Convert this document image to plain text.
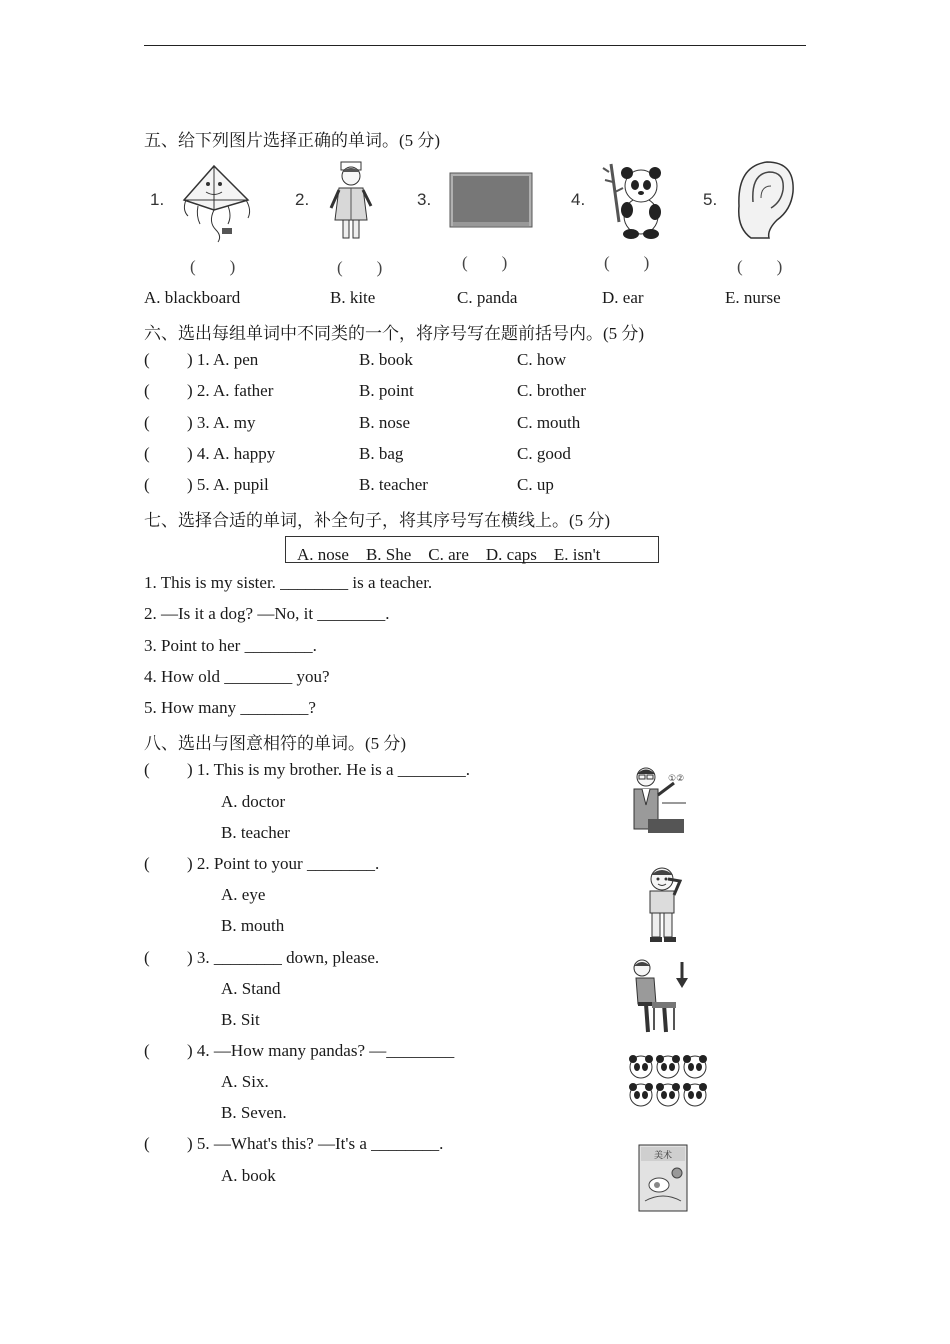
五、给下列图片选择正确的单词。(5 分)
1.	2.	3.	4.	5.
(　　)	(　　)	(　　)	(　　)	(　　)
A. blackboard	B. kite	C. panda	D. ear	E. nurse
六、选出每组单词中不同类的一个，将序号写在题前括号内。(5 分)
( ) 1. A. pen	B. book	C. how
( ) 2. A. father	B. point	C. brother
( ) 3. A. my	B. nose	C. mouth
( ) 4. A. happy	B. bag	C. good
( ) 5. A. pupil	B. teacher	C. up
七、选择合适的单词，补全句子，将其序号写在横线上。(5 分)
A. nose　B. She　C. are　D. caps　E. isn't
1. This is my sister. ________ is a teacher.
2. —Is it a dog? —No, it ________.
3. Point to her ________.
4. How old ________ you?
5. How many ________?
八、选出与图意相符的单词。(5 分)
( ) 1. This is my brother. He is a ________.
A. doctor
B. teacher
( ) 2. Point to your ________.
A. eye
B. mouth
( ) 3. ________ down, please.
A. Stand
B. Sit
( ) 4. —How many pandas? —________
A. Six.
B. Seven.
( ) 5. —What's this? —It's a ________.
A. book
①②
美术
